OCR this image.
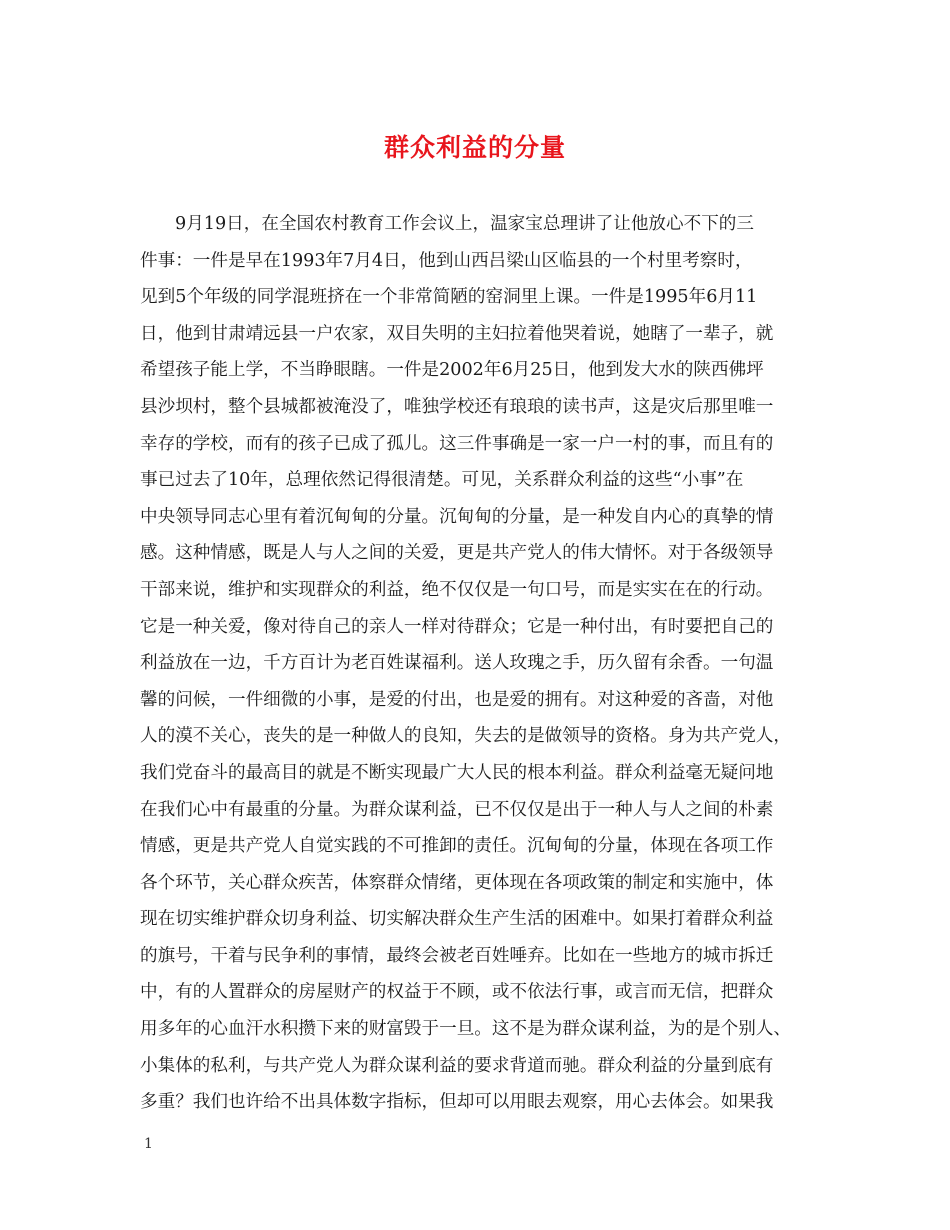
群众利益的分量
9月19日，在全国农村教育工作会议上，温家宝总理讲了让他放心不下的三
件事：一件是早在1993年7月4日，他到山西吕梁山区临县的一个村里考察时，
见到5个年级的同学混班挤在一个非常简陋的窑洞里上课。一件是1995年6月11
日，他到甘肃靖远县一户农家，双目失明的主妇拉着他哭着说，她瞎了一辈子，就
希望孩子能上学，不当睁眼瞎。一件是2002年6月25日，他到发大水的陕西佛坪
县沙坝村，整个县城都被淹没了，唯独学校还有琅琅的读书声，这是灾后那里唯一
幸存的学校，而有的孩子已成了孤儿。这三件事确是一家一户一村的事，而且有的
事已过去了10年，总理依然记得很清楚。可见，关系群众利益的这些“小事”在
中央领导同志心里有着沉甸甸的分量。沉甸甸的分量，是一种发自内心的真挚的情
感。这种情感，既是人与人之间的关爱，更是共产党人的伟大情怀。对于各级领导
干部来说，维护和实现群众的利益，绝不仅仅是一句口号，而是实实在在的行动。
它是一种关爱，像对待自己的亲人一样对待群众；它是一种付出，有时要把自己的
利益放在一边，千方百计为老百姓谋福利。送人玫瑰之手，历久留有余香。一句温
馨的问候，一件细微的小事，是爱的付出，也是爱的拥有。对这种爱的吝啬，对他
人的漠不关心，丧失的是一种做人的良知，失去的是做领导的资格。身为共产党人，
我们党奋斗的最高目的就是不断实现最广大人民的根本利益。群众利益毫无疑问地
在我们心中有最重的分量。为群众谋利益，已不仅仅是出于一种人与人之间的朴素
情感，更是共产党人自觉实践的不可推卸的责任。沉甸甸的分量，体现在各项工作
各个环节，关心群众疾苦，体察群众情绪，更体现在各项政策的制定和实施中，体
现在切实维护群众切身利益、切实解决群众生产生活的困难中。如果打着群众利益
的旗号，干着与民争利的事情，最终会被老百姓唾弃。比如在一些地方的城市拆迁
中，有的人置群众的房屋财产的权益于不顾，或不依法行事，或言而无信，把群众
用多年的心血汗水积攒下来的财富毁于一旦。这不是为群众谋利益，为的是个别人、
小集体的私利，与共产党人为群众谋利益的要求背道而驰。群众利益的分量到底有
多重？我们也许给不出具体数字指标，但却可以用眼去观察，用心去体会。如果我
1
